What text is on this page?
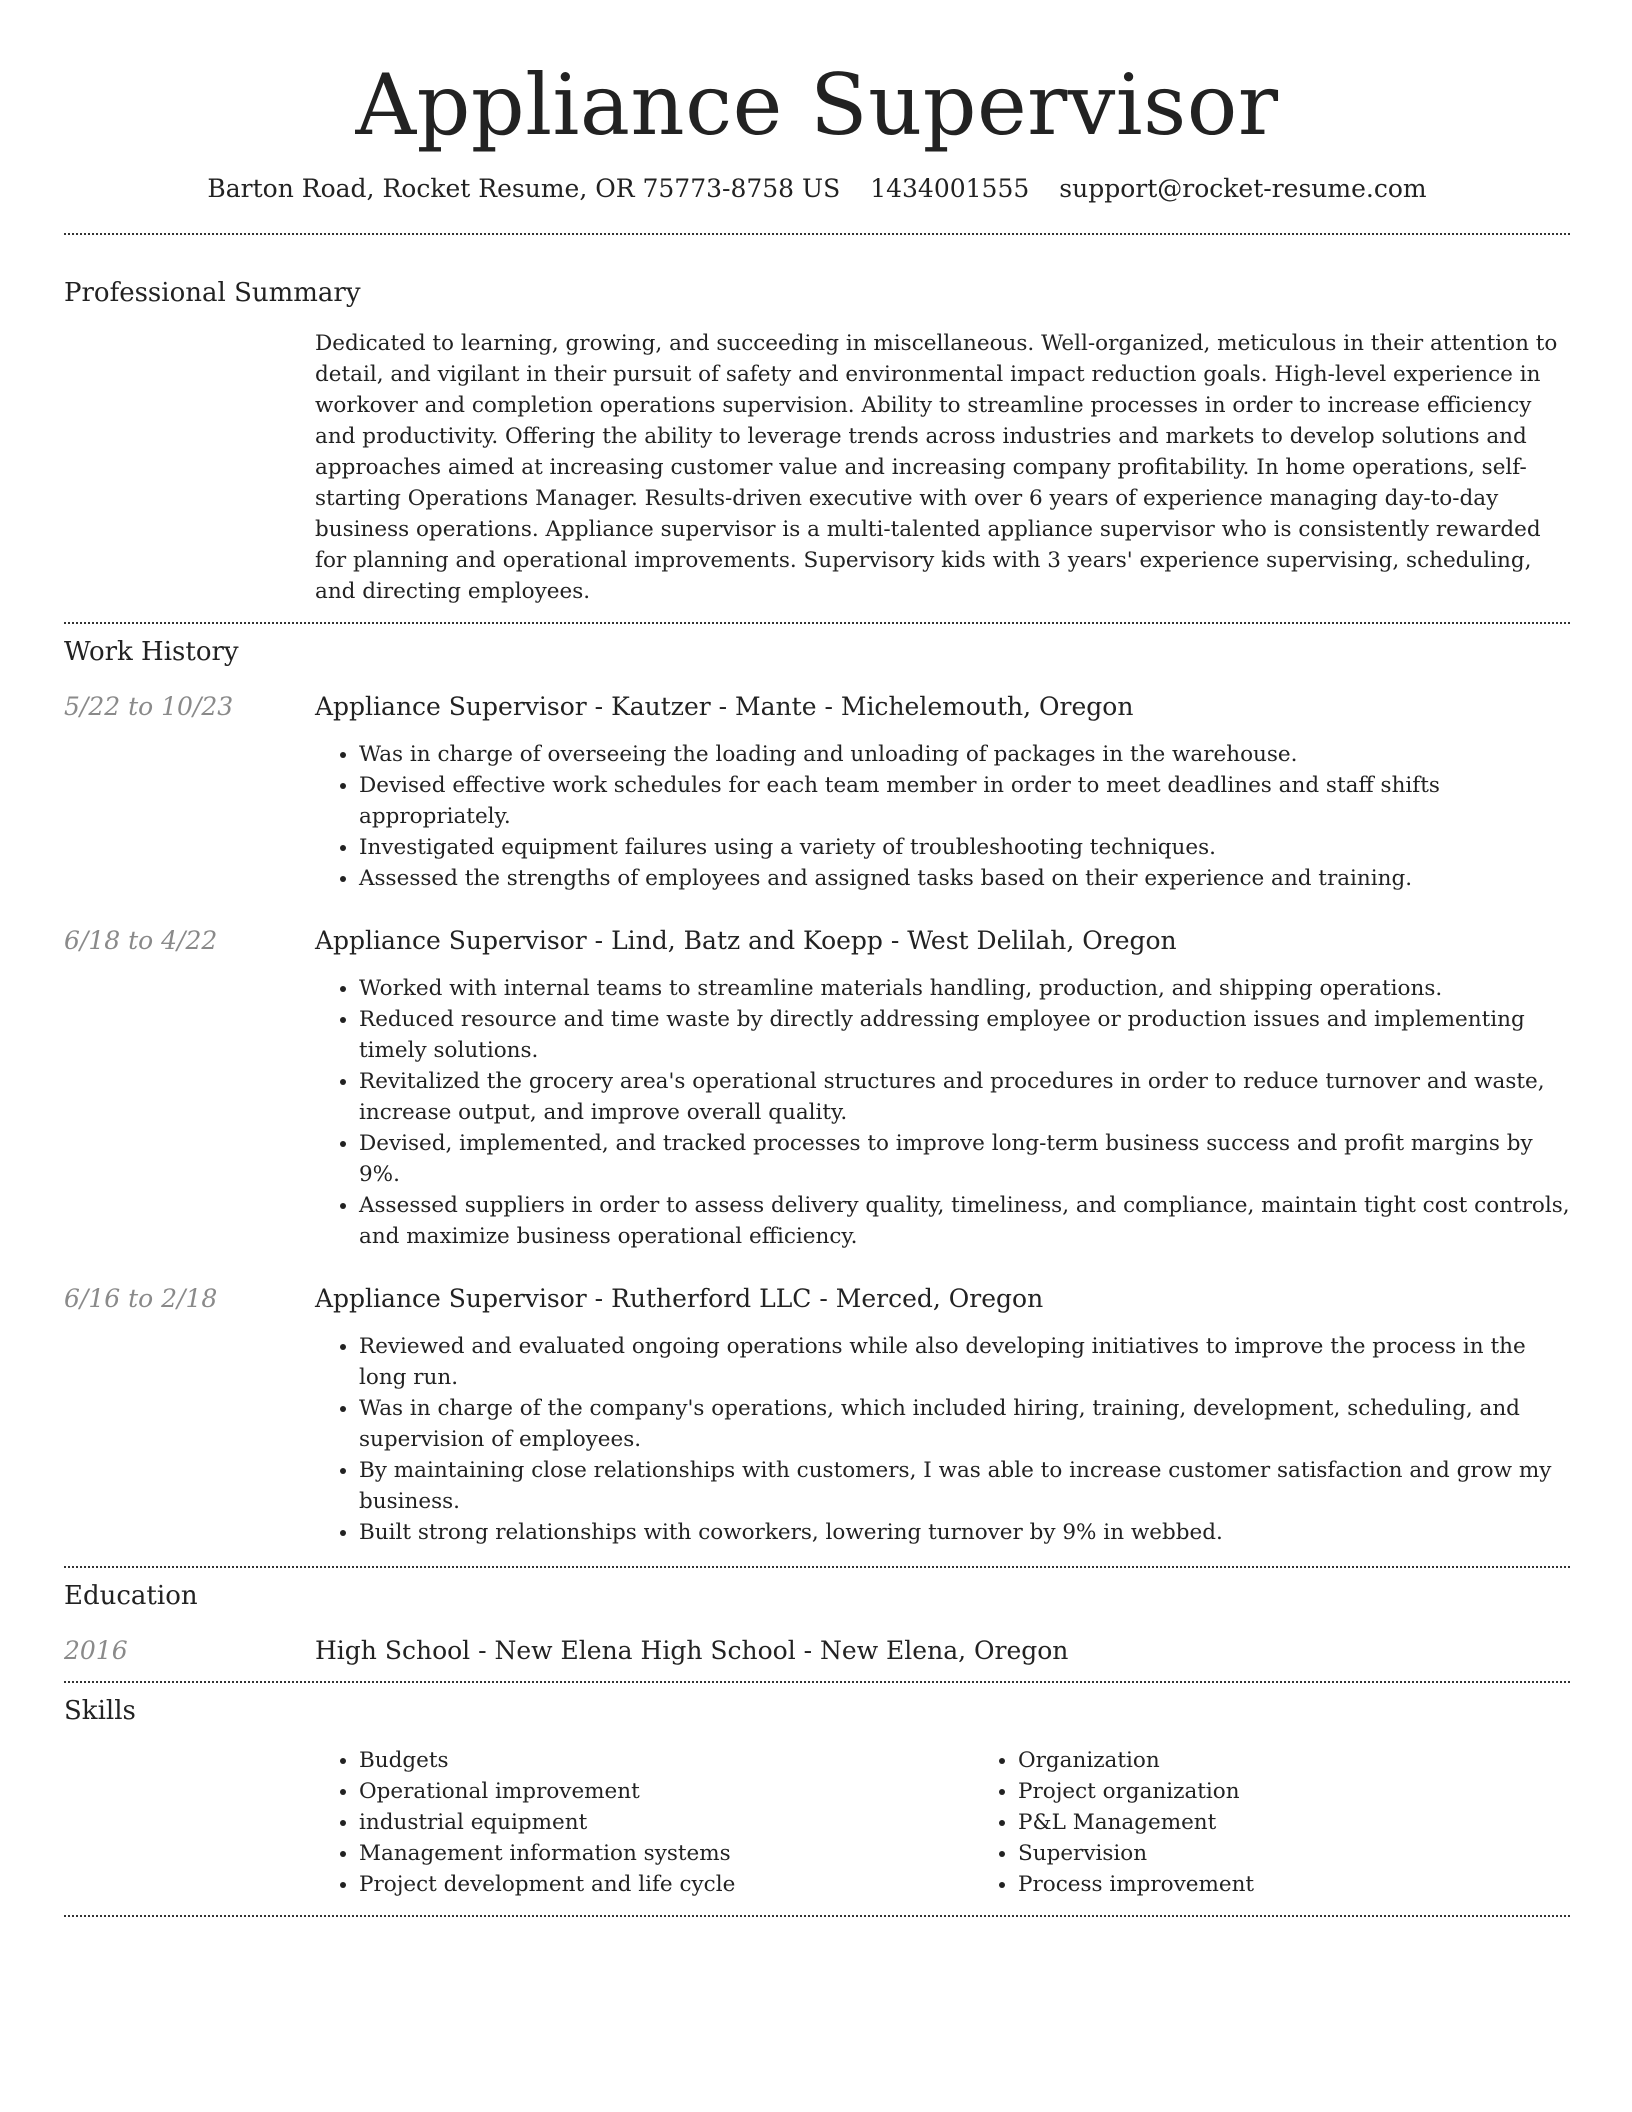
Appliance Supervisor
Barton Road, Rocket Resume, OR 75773-8758 US 1434001555 support@rocket-resume.com
Professional Summary

Dedicated to learning, growing, and succeeding in miscellaneous. Well-organized, meticulous in their attention to detail, and vigilant in their pursuit of safety and environmental impact reduction goals. High-level experience in workover and completion operations supervision. Ability to streamline processes in order to increase efficiency and productivity. Offering the ability to leverage trends across industries and markets to develop solutions and approaches aimed at increasing customer value and increasing company profitability. In home operations, self-starting Operations Manager. Results-driven executive with over 6 years of experience managing day-to-day business operations. Appliance supervisor is a multi-talented appliance supervisor who is consistently rewarded for planning and operational improvements. Supervisory kids with 3 years' experience supervising, scheduling, and directing employees.

Work History
5/22 to 10/23	Appliance Supervisor - Kautzer - Mante - Michelemouth, Oregon
• Was in charge of overseeing the loading and unloading of packages in the warehouse.
• Devised effective work schedules for each team member in order to meet deadlines and staff shifts appropriately.
• Investigated equipment failures using a variety of troubleshooting techniques.
• Assessed the strengths of employees and assigned tasks based on their experience and training.
6/18 to 4/22	Appliance Supervisor - Lind, Batz and Koepp - West Delilah, Oregon
• Worked with internal teams to streamline materials handling, production, and shipping operations.
• Reduced resource and time waste by directly addressing employee or production issues and implementing timely solutions.
• Revitalized the grocery area's operational structures and procedures in order to reduce turnover and waste, increase output, and improve overall quality.
• Devised, implemented, and tracked processes to improve long-term business success and profit margins by 9%.
• Assessed suppliers in order to assess delivery quality, timeliness, and compliance, maintain tight cost controls, and maximize business operational efficiency.
6/16 to 2/18	Appliance Supervisor - Rutherford LLC - Merced, Oregon
• Reviewed and evaluated ongoing operations while also developing initiatives to improve the process in the long run.
• Was in charge of the company's operations, which included hiring, training, development, scheduling, and supervision of employees.
• By maintaining close relationships with customers, I was able to increase customer satisfaction and grow my business.
• Built strong relationships with coworkers, lowering turnover by 9% in webbed.
Education
2016	High School - New Elena High School - New Elena, Oregon
Skills
• Budgets
• Operational improvement
• industrial equipment
• Management information systems
• Project development and life cycle
• Organization
• Project organization
• P&L Management
• Supervision
• Process improvement
